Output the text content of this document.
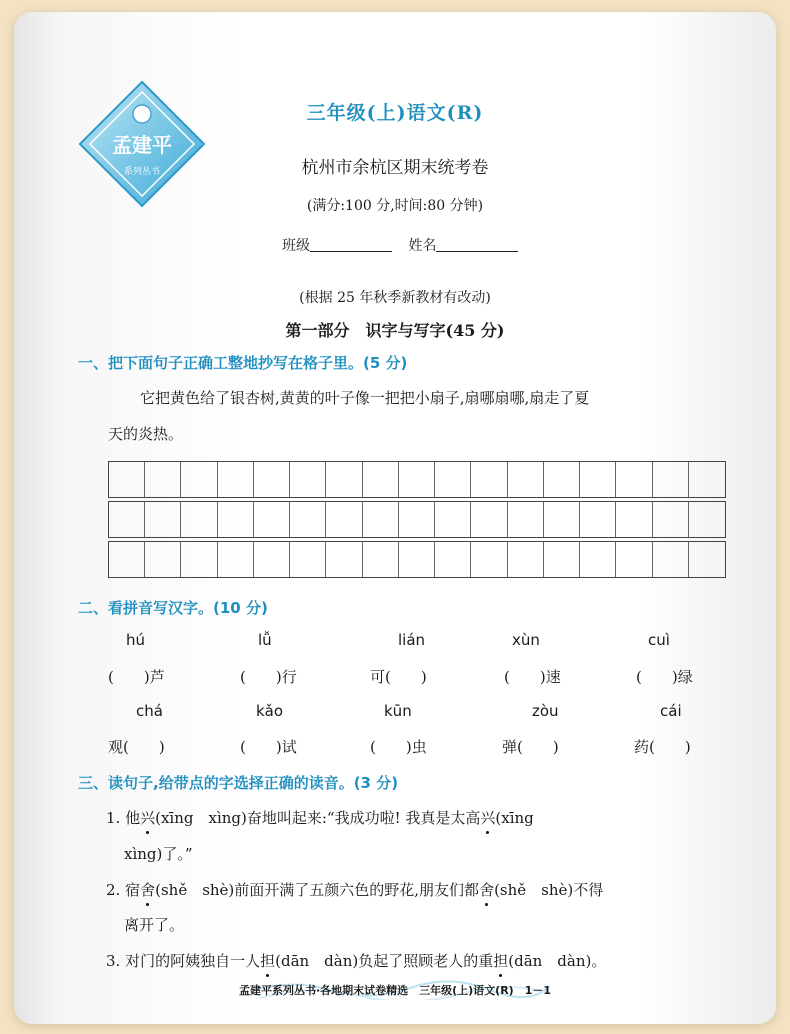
孟建平
系列丛书
三年级(上)语文(R)
杭州市余杭区期末统考卷
(满分:100 分,时间:80 分钟)
班级	姓名
(根据 25 年秋季新教材有改动)
第一部分　识字与写字(45 分)
一、把下面句子正确工整地抄写在格子里。(5 分)
它把黄色给了银杏树,黄黄的叶子像一把把小扇子,扇哪扇哪,扇走了夏
天的炎热。
二、看拼音写汉字。(10 分)
hú	lǚ	lián	xùn	cuì
(　　)芦	(　　)行	可(　　)	(　　)速	(　　)绿
chá	kǎo	kūn	zòu	cái
观(　　)	(　　)试	(　　)虫	弹(　　)	药(　　)
三、读句子,给带点的字选择正确的读音。(3 分)
1. 他兴(xīng　xìng)奋地叫起来:“我成功啦! 我真是太高兴(xīng
xìng)了。”
2. 宿舍(shě　shè)前面开满了五颜六色的野花,朋友们都舍(shě　shè)不得
离开了。
3. 对门的阿姨独自一人担(dān　dàn)负起了照顾老人的重担(dān　dàn)。
孟建平系列丛书·各地期末试卷精选　三年级(上)语文(R)　1－1
